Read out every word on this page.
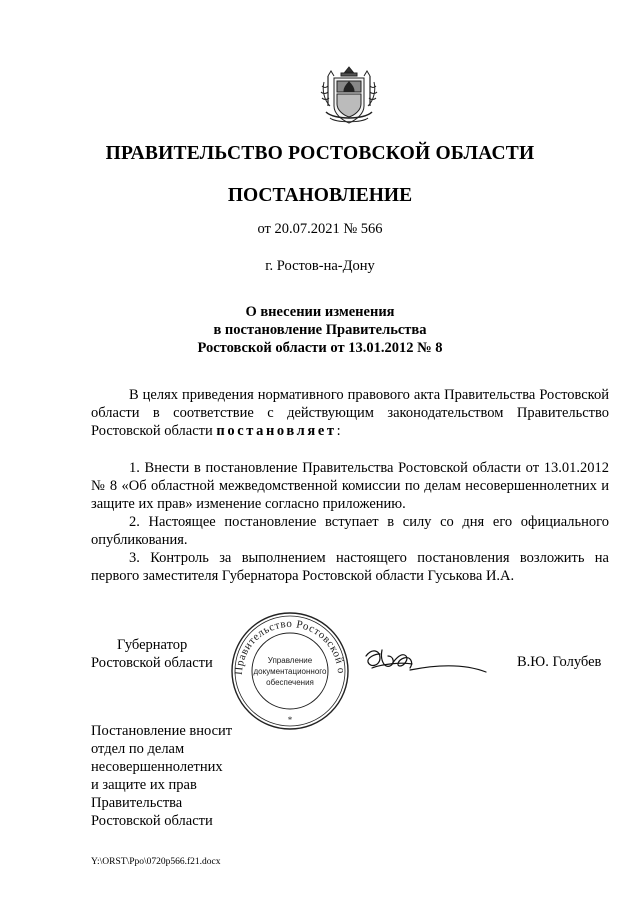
ПРАВИТЕЛЬСТВО РОСТОВСКОЙ ОБЛАСТИ
ПОСТАНОВЛЕНИЕ
от 20.07.2021 № 566
г. Ростов-на-Дону
О внесении изменения
в постановление Правительства
Ростовской области от 13.01.2012 № 8

В целях приведения нормативного правового акта Правительства Ростовской области в соответствие с действующим законодательством Правительство Ростовской области постановляет:

1. Внести в постановление Правительства Ростовской области от 13.01.2012 № 8 «Об областной межведомственной комиссии по делам несовершеннолетних и защите их прав» изменение согласно приложению.

2. Настоящее постановление вступает в силу со дня его официального опубликования.

3. Контроль за выполнением настоящего постановления возложить на первого заместителя Губернатора Ростовской области Гуськова И.А.

Губернатор
Ростовской области	Правительство Ростовской о
Управление
документационного
обеспечения
*
В.Ю. Голубев
Постановление вносит
отдел по делам
несовершеннолетних
и защите их прав
Правительства
Ростовской области
Y:\ORST\Ppo\0720p566.f21.docx
